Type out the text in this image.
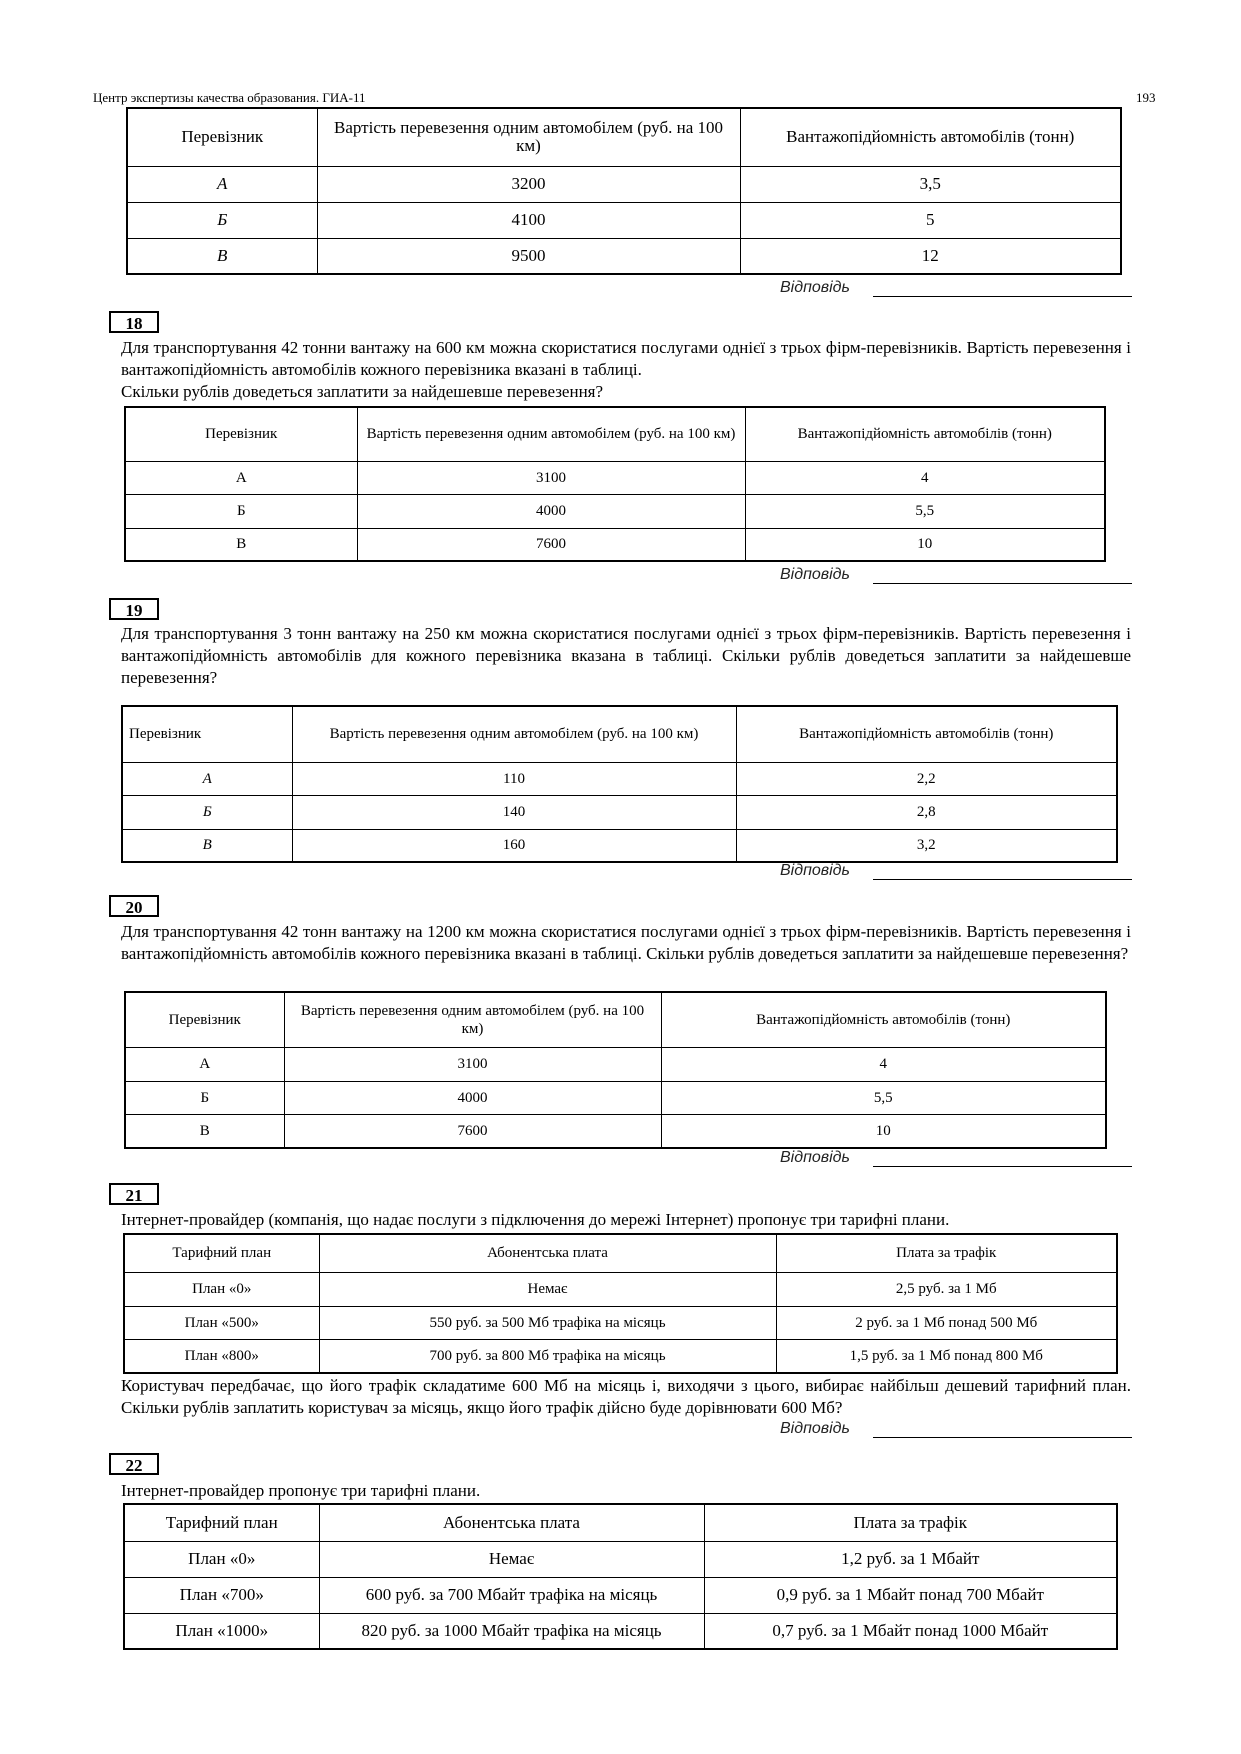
Центр экспертизы качества образования. ГИА-11	193
Перевізник	Вартість перевезення одним автомобілем (руб. на 100 км)	Вантажопідйомність автомобілів (тонн)
А	3200	3,5
Б	4100	5
В	9500	12
Відповідь
18
Для транспортування 42 тонни вантажу на 600 км можна скористатися послугами однієї з трьох фірм-перевізників. Вартість перевезення і вантажопідйомність автомобілів кожного перевізника вказані в таблиці.
Скільки рублів доведеться заплатити за найдешевше перевезення?
Перевізник	Вартість перевезення одним автомобілем (руб. на 100 км)	Вантажопідйомність автомобілів (тонн)
А	3100	4
Б	4000	5,5
В	7600	10
Відповідь
19
Для транспортування 3 тонн вантажу на 250 км можна скористатися послугами однієї з трьох фірм-перевізників. Вартість перевезення і вантажопідйомність автомобілів для кожного перевізника вказана в таблиці. Скільки рублів доведеться заплатити за найдешевше перевезення?
Перевізник	Вартість перевезення одним автомобілем (руб. на 100 км)	Вантажопідйомність автомобілів (тонн)
А	110	2,2
Б	140	2,8
В	160	3,2
Відповідь
20
Для транспортування 42 тонн вантажу на 1200 км можна скористатися послугами однієї з трьох фірм-перевізників. Вартість перевезення і вантажопідйомність автомобілів кожного перевізника вказані в таблиці. Скільки рублів доведеться заплатити за найдешевше перевезення?
Перевізник	Вартість перевезення одним автомобілем (руб. на 100 км)	Вантажопідйомність автомобілів (тонн)
А	3100	4
Б	4000	5,5
В	7600	10
Відповідь
21
Інтернет-провайдер (компанія, що надає послуги з підключення до мережі Інтернет) пропонує три тарифні плани.
Тарифний план	Абонентська плата	Плата за трафік
План «0»	Немає	2,5 руб. за 1 Мб
План «500»	550 руб. за 500 Мб трафіка на місяць	2 руб. за 1 Мб понад 500 Мб
План «800»	700 руб. за 800 Мб трафіка на місяць	1,5 руб. за 1 Мб понад 800 Мб
Користувач передбачає, що його трафік складатиме 600 Мб на місяць і, виходячи з цього, вибирає найбільш дешевий тарифний план. Скільки рублів заплатить користувач за місяць, якщо його трафік дійсно буде дорівнювати 600 Мб?
Відповідь
22
Інтернет-провайдер пропонує три тарифні плани.
Тарифний план	Абонентська плата	Плата за трафік
План «0»	Немає	1,2 руб. за 1 Мбайт
План «700»	600 руб. за 700 Мбайт трафіка на місяць	0,9 руб. за 1 Мбайт понад 700 Мбайт
План «1000»	820 руб. за 1000 Мбайт трафіка на місяць	0,7 руб. за 1 Мбайт понад 1000 Мбайт
